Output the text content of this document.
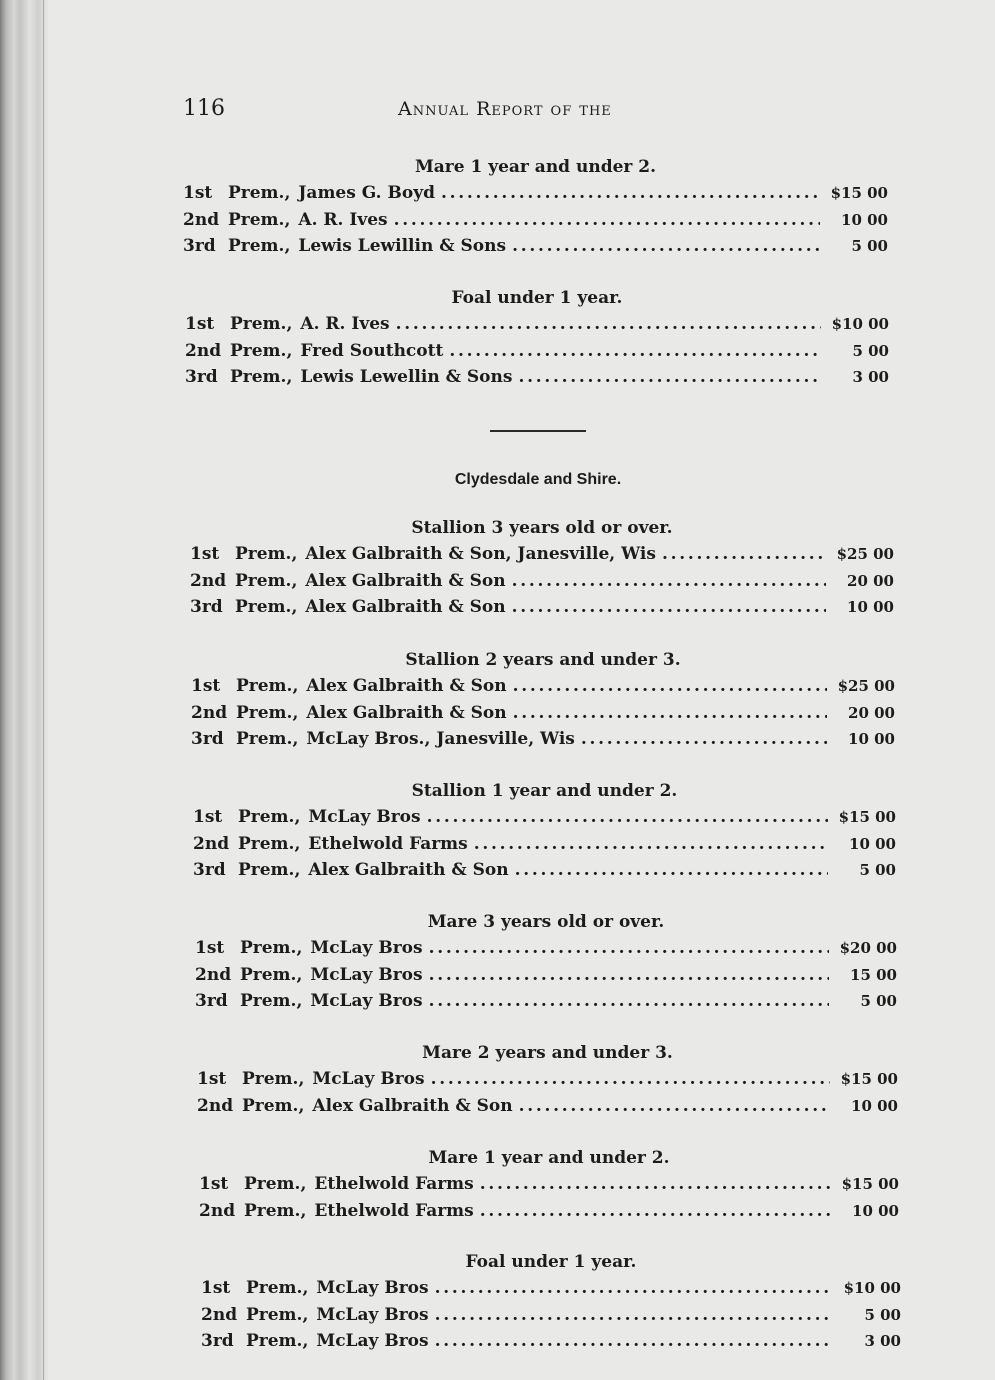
116	Annual Report of the
Mare 1 year and under 2.
1st Prem., James G. Boyd . . .	$15 00
2nd Prem., A. R. Ives . . .	10 00
3rd Prem., Lewis Lewillin & Sons . . .	5 00
Foal under 1 year.
1st Prem., A. R. Ives . . .	$10 00
2nd Prem., Fred Southcott . . .	5 00
3rd Prem., Lewis Lewellin & Sons . . .	3 00
Clydesdale and Shire.
Stallion 3 years old or over.
1st Prem., Alex Galbraith & Son, Janesville, Wis . . .	$25 00
2nd Prem., Alex Galbraith & Son . . .	20 00
3rd Prem., Alex Galbraith & Son . . .	10 00
Stallion 2 years and under 3.
1st Prem., Alex Galbraith & Son . . .	$25 00
2nd Prem., Alex Galbraith & Son . . .	20 00
3rd Prem., McLay Bros., Janesville, Wis . . .	10 00
Stallion 1 year and under 2.
1st Prem., McLay Bros . . .	$15 00
2nd Prem., Ethelwold Farms . . .	10 00
3rd Prem., Alex Galbraith & Son . . .	5 00
Mare 3 years old or over.
1st Prem., McLay Bros . . .	$20 00
2nd Prem., McLay Bros . . .	15 00
3rd Prem., McLay Bros . . .	5 00
Mare 2 years and under 3.
1st Prem., McLay Bros . . .	$15 00
2nd Prem., Alex Galbraith & Son . . .	10 00
Mare 1 year and under 2.
1st Prem., Ethelwold Farms . . .	$15 00
2nd Prem., Ethelwold Farms . . .	10 00
Foal under 1 year.
1st Prem., McLay Bros . . .	$10 00
2nd Prem., McLay Bros . . .	5 00
3rd Prem., McLay Bros . . .	3 00
